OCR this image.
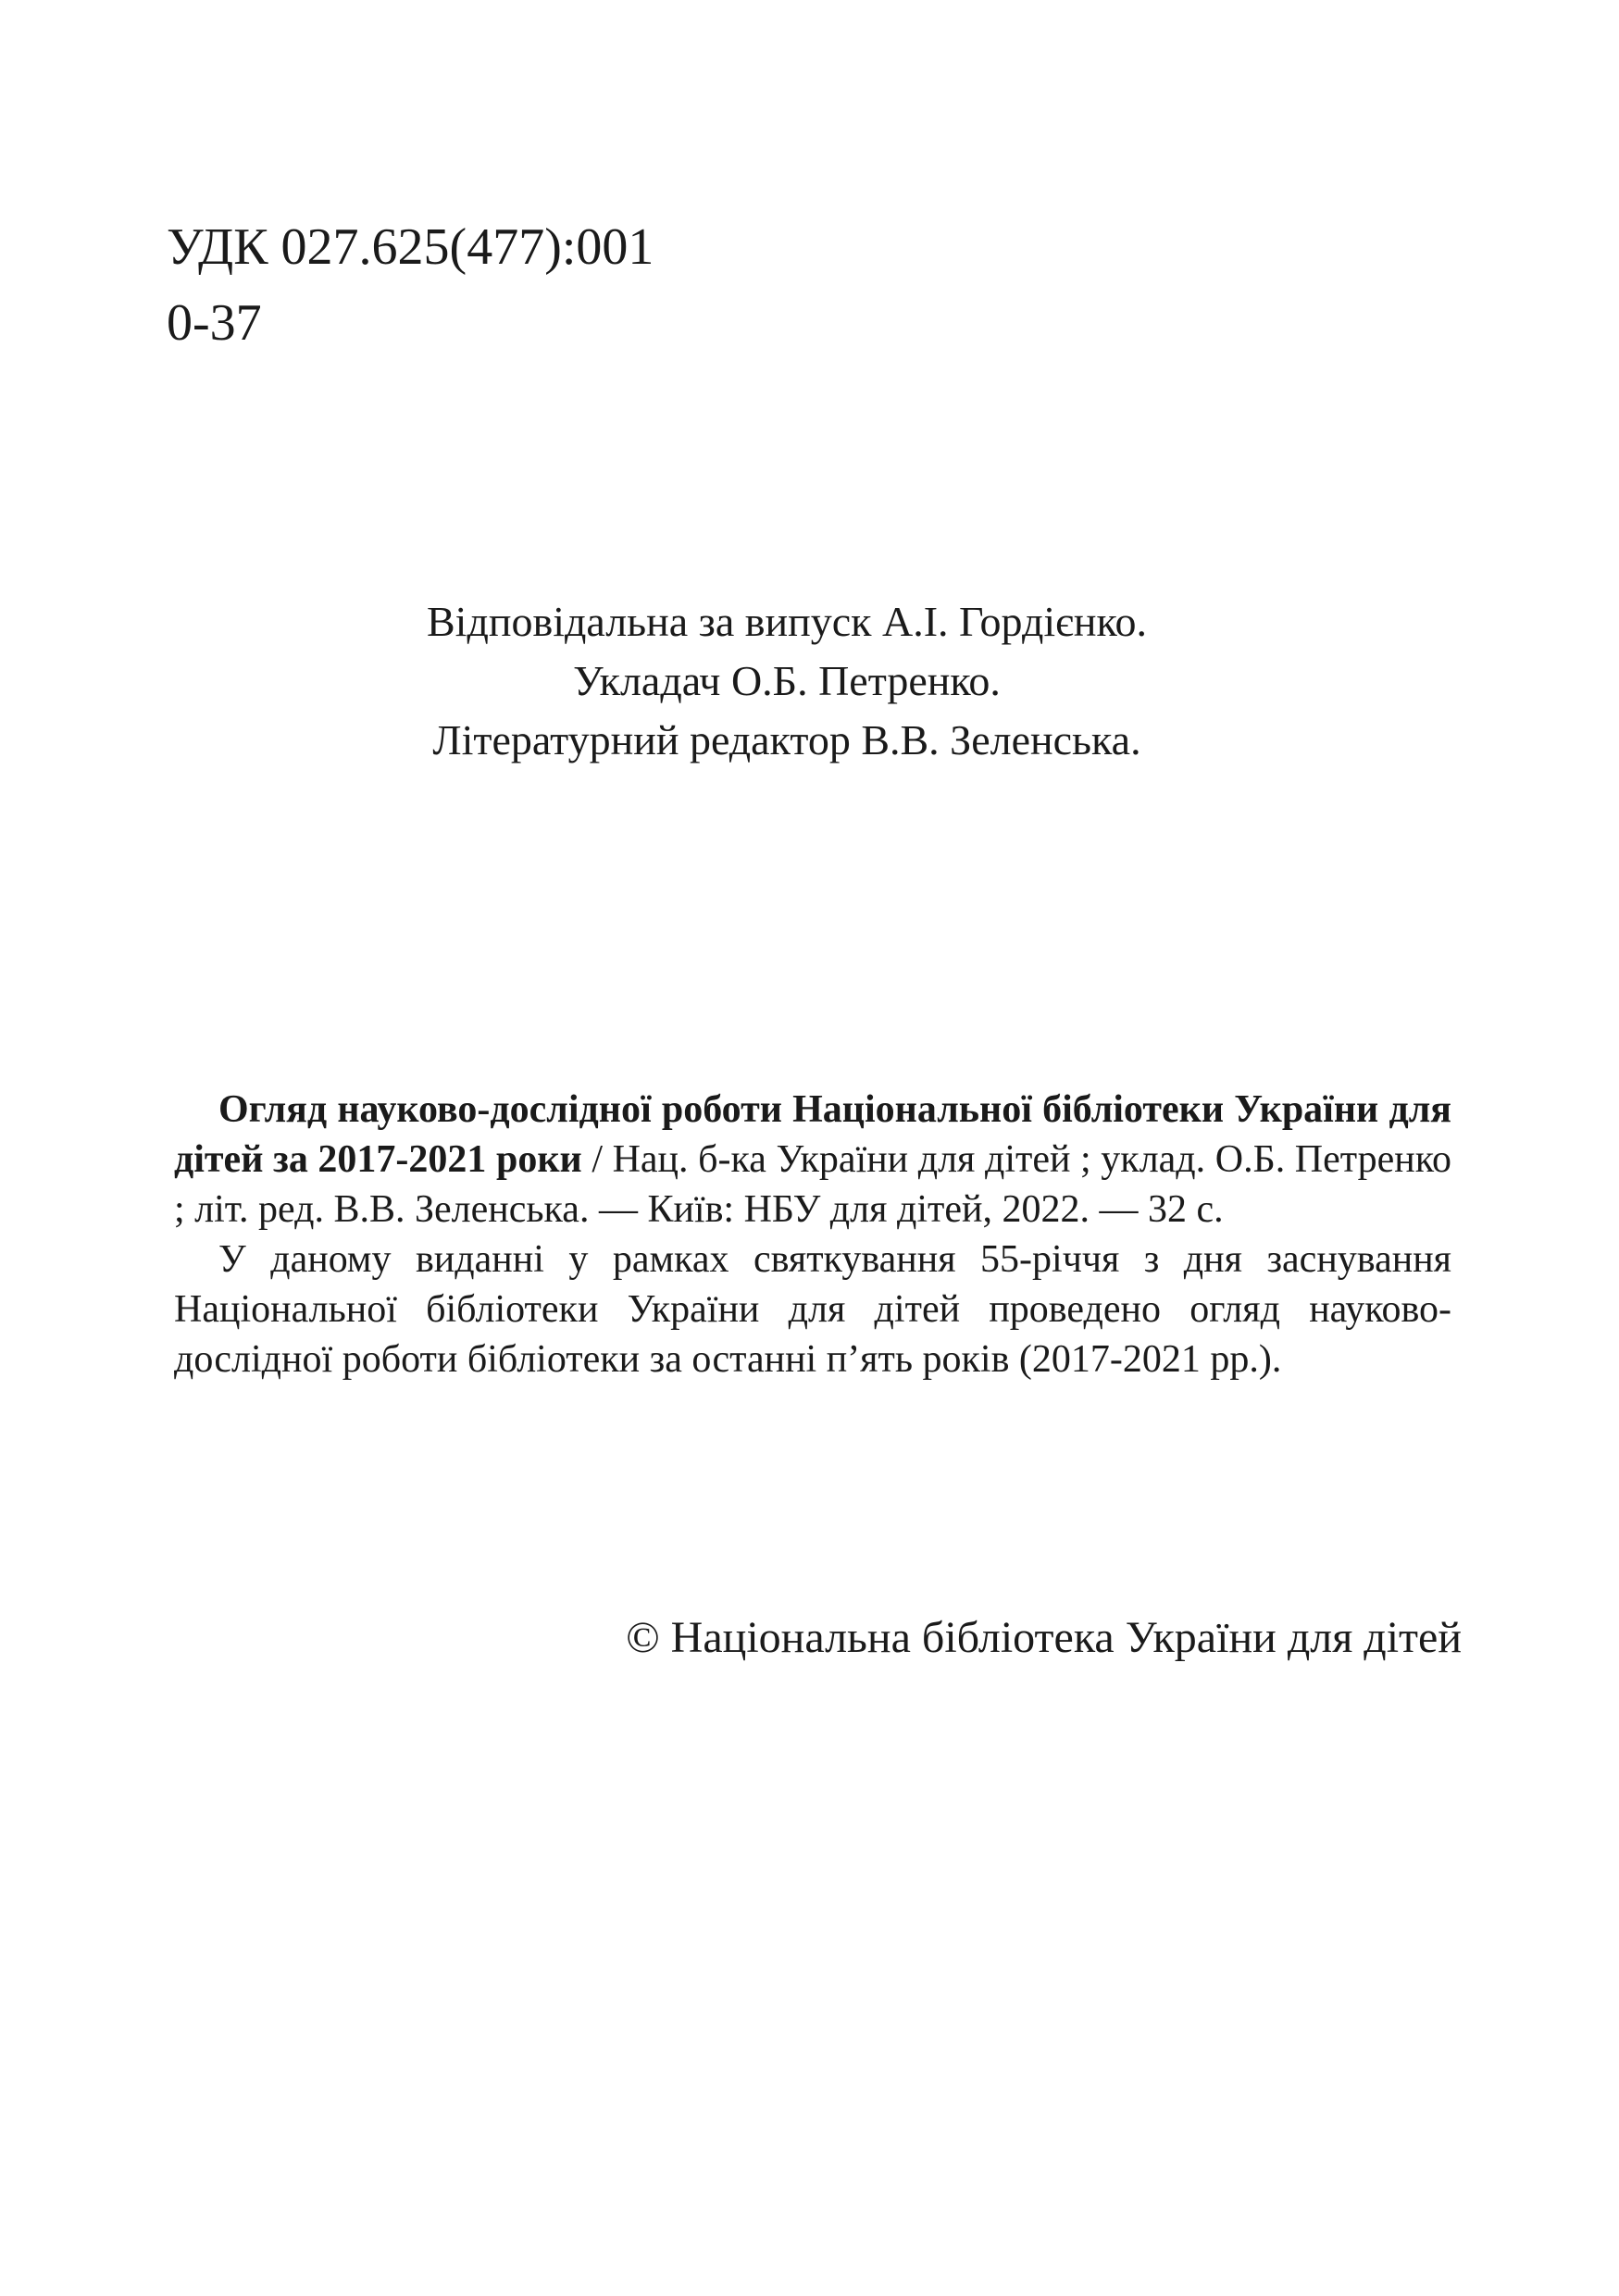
УДК 027.625(477):001
0-37
Відповідальна за випуск А.І. Гордієнко.
Укладач О.Б. Петренко.
Літературний редактор В.В. Зеленська.

Огляд науково-дослідної роботи Національної бібліотеки України для дітей за 2017-2021 роки / Нац. б-ка України для дітей ; уклад. О.Б. Петренко ; літ. ред. В.В. Зеленська. — Київ: НБУ для дітей, 2022. — 32 с.

У даному виданні у рамках святкування 55-річчя з дня заснування Національної бібліотеки України для дітей проведено огляд науково-дослідної роботи бібліотеки за останні п’ять років (2017-2021 рр.).

© Національна бібліотека України для дітей
